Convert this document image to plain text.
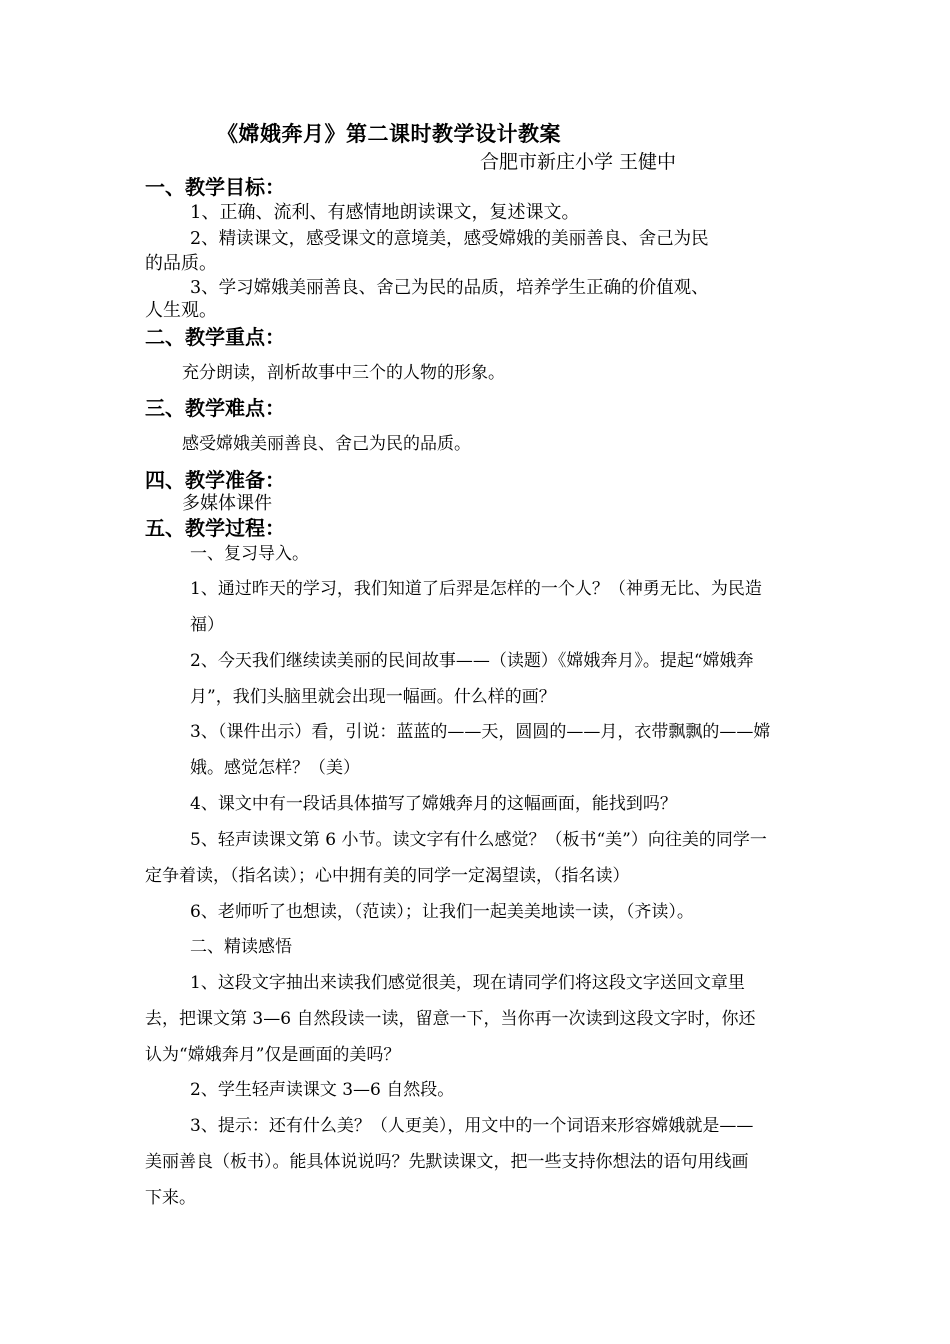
《嫦娥奔月》第二课时教学设计教案
合肥市新庄小学 王健中
一、教学目标：
1、正确、流利、有感情地朗读课文，复述课文。
2、精读课文，感受课文的意境美，感受嫦娥的美丽善良、舍己为民
的品质。
3、学习嫦娥美丽善良、舍己为民的品质，培养学生正确的价值观、
人生观。
二、教学重点：
充分朗读，剖析故事中三个的人物的形象。
三、教学难点：
感受嫦娥美丽善良、舍己为民的品质。
四、教学准备：
多媒体课件
五、教学过程：
一、复习导入。
1、通过昨天的学习，我们知道了后羿是怎样的一个人？（神勇无比、为民造
福）
2、今天我们继续读美丽的民间故事——（读题）《嫦娥奔月》。提起“嫦娥奔
月”，我们头脑里就会出现一幅画。什么样的画？
3、（课件出示）看，引说：蓝蓝的——天，圆圆的——月，衣带飘飘的——嫦
娥。感觉怎样？（美）
4、课文中有一段话具体描写了嫦娥奔月的这幅画面，能找到吗？
5、轻声读课文第 6 小节。读文字有什么感觉？（板书“美”）向往美的同学一
定争着读，（指名读）；心中拥有美的同学一定渴望读，（指名读）
6、老师听了也想读，（范读）；让我们一起美美地读一读，（齐读）。
二、精读感悟
1、这段文字抽出来读我们感觉很美，现在请同学们将这段文字送回文章里
去，把课文第 3—6 自然段读一读，留意一下，当你再一次读到这段文字时，你还
认为“嫦娥奔月”仅是画面的美吗？
2、学生轻声读课文 3—6 自然段。
3、提示：还有什么美？（人更美），用文中的一个词语来形容嫦娥就是——
美丽善良（板书）。能具体说说吗？先默读课文，把一些支持你想法的语句用线画
下来。
